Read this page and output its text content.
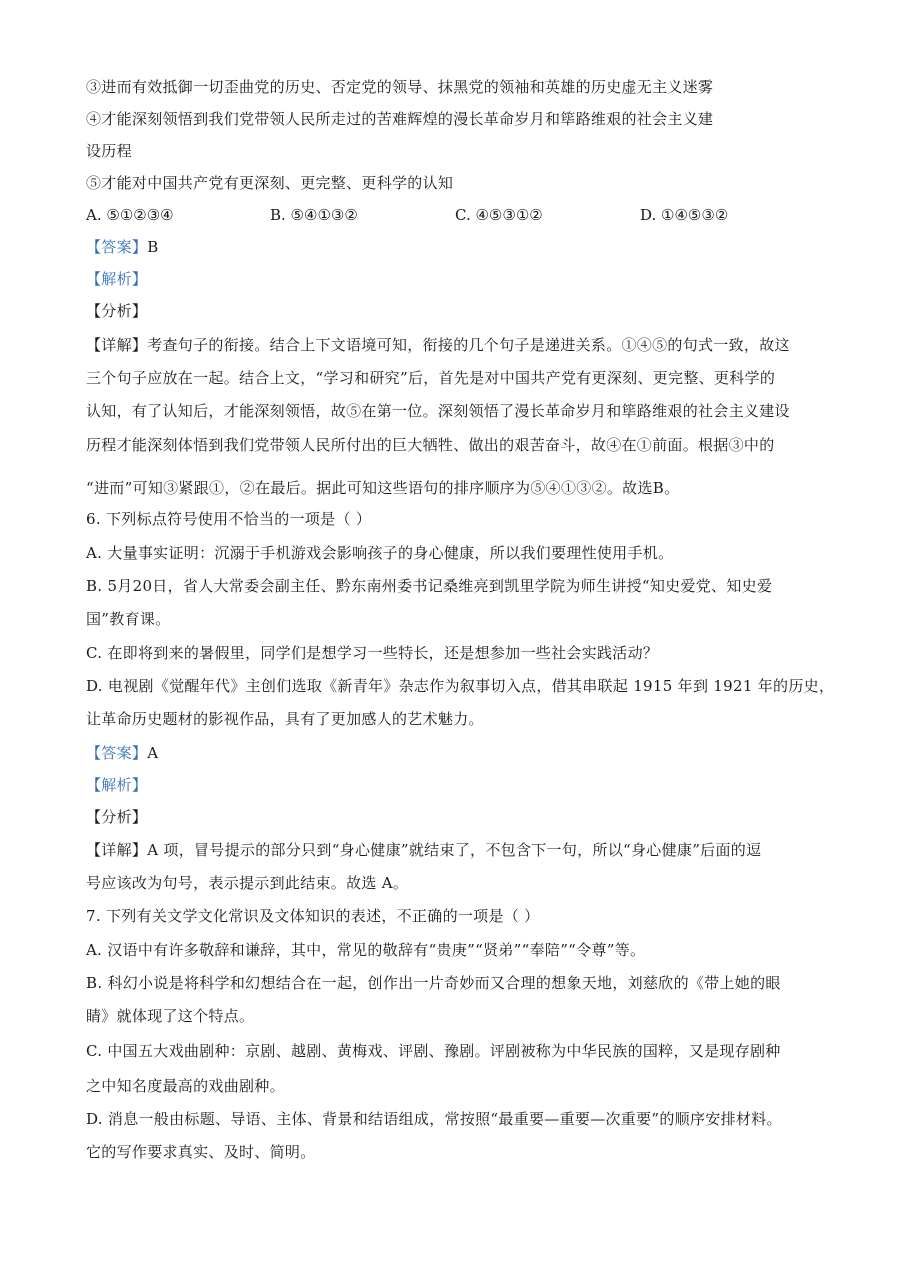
③进而有效抵御一切歪曲党的历史、否定党的领导、抹黑党的领袖和英雄的历史虚无主义迷雾

④才能深刻领悟到我们党带领人民所走过的苦难辉煌的漫长革命岁月和筚路维艰的社会主义建

设历程

⑤才能对中国共产党有更深刻、更完整、更科学的认知

A. ⑤①②③④	B. ⑤④①③②	C. ④⑤③①②	D. ①④⑤③②

【答案】B

【解析】

【分析】

【详解】考查句子的衔接。结合上下文语境可知，衔接的几个句子是递进关系。①④⑤的句式一致，故这

三个句子应放在一起。结合上文，“学习和研究”后，首先是对中国共产党有更深刻、更完整、更科学的

认知，有了认知后，才能深刻领悟，故⑤在第一位。深刻领悟了漫长革命岁月和筚路维艰的社会主义建设

历程才能深刻体悟到我们党带领人民所付出的巨大牺牲、做出的艰苦奋斗，故④在①前面。根据③中的

“进而”可知③紧跟①，②在最后。据此可知这些语句的排序顺序为⑤④①③②。故选B。

6. 下列标点符号使用不恰当的一项是（ ）

A. 大量事实证明：沉溺于手机游戏会影响孩子的身心健康，所以我们要理性使用手机。

B. 5月20日，省人大常委会副主任、黔东南州委书记桑维亮到凯里学院为师生讲授“知史爱党、知史爱

国”教育课。

C. 在即将到来的暑假里，同学们是想学习一些特长，还是想参加一些社会实践活动？

D. 电视剧《觉醒年代》主创们选取《新青年》杂志作为叙事切入点，借其串联起 1915 年到 1921 年的历史，

让革命历史题材的影视作品，具有了更加感人的艺术魅力。

【答案】A

【解析】

【分析】

【详解】A 项，冒号提示的部分只到“身心健康”就结束了，不包含下一句，所以“身心健康”后面的逗

号应该改为句号，表示提示到此结束。故选 A。

7. 下列有关文学文化常识及文体知识的表述，不正确的一项是（ ）

A. 汉语中有许多敬辞和谦辞，其中，常见的敬辞有“贵庚”“贤弟”“奉陪”“令尊”等。

B. 科幻小说是将科学和幻想结合在一起，创作出一片奇妙而又合理的想象天地，刘慈欣的《带上她的眼

睛》就体现了这个特点。

C. 中国五大戏曲剧种：京剧、越剧、黄梅戏、评剧、豫剧。评剧被称为中华民族的国粹，又是现存剧种

之中知名度最高的戏曲剧种。

D. 消息一般由标题、导语、主体、背景和结语组成，常按照“最重要—重要—次重要”的顺序安排材料。

它的写作要求真实、及时、简明。
